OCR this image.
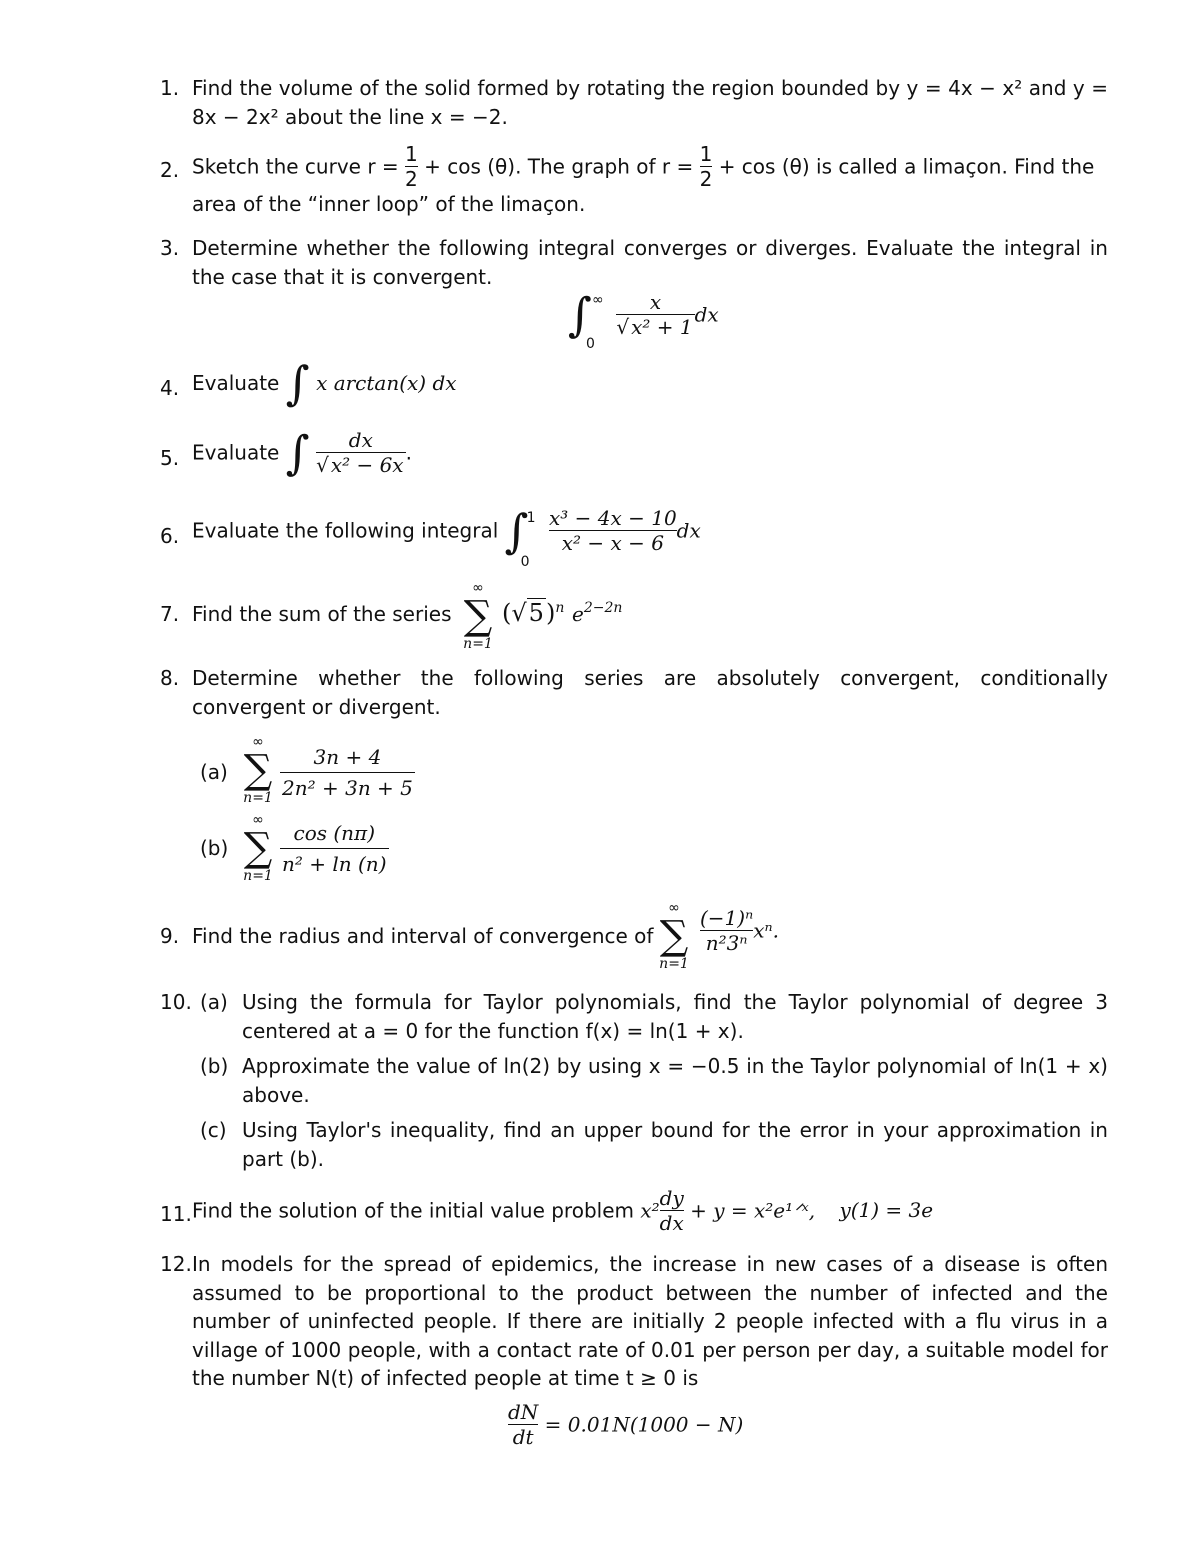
1. Find the volume of the solid formed by rotating the region bounded by y = 4x − x² and y = 8x − 2x² about the line x = −2.
2. Sketch the curve $r = \frac{1}{2} + \cos (\theta)$. The graph of $r = \frac{1}{2} + \cos (\theta)$ is called a limaçon. Find the
area of the “inner loop” of the limaçon.
3. Determine whether the following integral converges or diverges. Evaluate the integral in the case that it is convergent.
∫ ∞
0
$\frac{x}{\text{√ x² + 1}}$ dx
4. Evaluate ∫ x arctan(x) dx
5. Evaluate ∫ $\frac{dx}{\text{√ x² − 6x}}$ .
6. Evaluate the following integral ∫
1
0

$\frac{\text{x³ − 4x − 10}}{\text{x² − x − 6}}$ dx
7. Find the sum of the series
∞
∑
n=1
$(√5)^n$ $e^{2-2n}$
8. Determine whether the following series are absolutely convergent, conditionally convergent or divergent.
(a)
∞
∑
$n=1 \frac{3n + 4}{\text{2n² + 3n + 5}}$
(b)
∞
∑
$n=1 \frac{\cos (n\pi)}{\text{n² + ln (n)}}$
9. Find the radius and interval of convergence of
∞
∑
n=1
$\frac{\text{(−1)ⁿ}}{\text{n²3ⁿ}} x^n$.
10. (a) Using the formula for Taylor polynomials, find the Taylor polynomial of degree 3 centered at a = 0 for the function f(x) = ln(1 + x).
(b) Approximate the value of ln(2) by using x = −0.5 in the Taylor polynomial of ln(1 + x) above.
(c) Using Taylor's inequality, find an upper bound for the error in your approximation in part (b).
11. Find the solution of the initial value problem $x^2 \frac{dy}{dx} + y$ = x²e¹ᐟˣ, y(1) = 3e
12. In models for the spread of epidemics, the increase in new cases of a disease is often assumed to be proportional to the product between the number of infected and the number of uninfected people. If there are initially 2 people infected with a flu virus in a village of 1000 people, with a contact rate of 0.01 per person per day, a suitable model for the number N(t) of infected people at time t ≥ 0 is
$\frac{dN}{dt} = 0.01N(1000 - N)$
